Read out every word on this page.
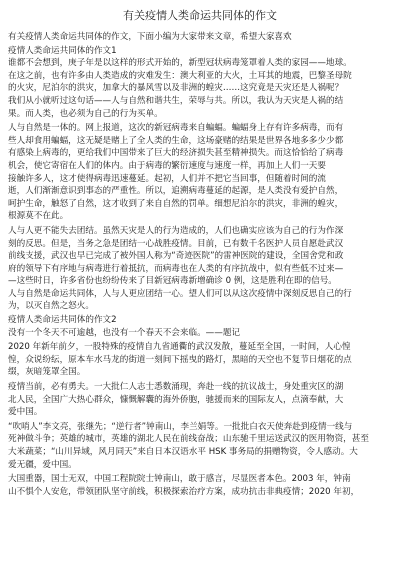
有关疫情人类命运共同体的作文
有关疫情人类命运共同体的作文，下面小编为大家带来文章，希望大家喜欢
疫情人类命运共同体的作文1
谁都不会想到，庚子年是以这样的形式开始的，新型冠状病毒笼罩着人类的家园——地球。
在这之前，也有许多由人类造成的灾难发生：澳大利亚的大火，土耳其的地震，巴黎圣母院
的火灾，尼泊尔的洪灾，加拿大的暴风雪以及非洲的蝗灾……这究竟是天灾还是人祸呢？
我们从小就听过这句话——人与自然和谐共生，荣辱与共。所以，我认为天灾是人祸的结
果。而人类，也必须为自己的行为买单。
人与自然是一体的。网上报道，这次的新冠病毒来自蝙蝠。蝙蝠身上存有许多病毒，而有
些人却食用蝙蝠，这无疑是赌上了全人类的生命，这场豪赌的结果是世界各地多多少少都
有感染上病毒的，更给我们中国带来了巨大的经济损失甚至精神损失。而这恰恰给了病毒
机会，使它寄宿在人们的体内。由于病毒的繁衍速度与速度一样，再加上人们一天要
接触许多人，这才使得病毒迅速蔓延。起初，人们并不把它当回事，但随着时间的流
逝，人们渐渐意识到事态的严重性。所以，追溯病毒蔓延的起源，是人类没有爱护自然，
呵护生命，触怒了自然，这才收到了来自自然的罚单。细想尼泊尔的洪灾，非洲的蝗灾，
根源莫不在此。
人与人更不能失去团结。虽然天灾是人的行为造成的，人们也确实应该为自己的行为作深
刻的反思。但是，当务之急是团结一心战胜疫情。目前，已有数千名医护人员自愿赴武汉
前线支援，武汉也早已完成了被外国人称为“奇迹医院”的雷神医院的建设，全国舍党和政
府的领导下有序地与病毒进行着抵抗，而病毒也在人类的有序抗战中，似有些低不过来—
—这些时日，许多省份也纷纷传来了目新冠病毒新增确诊 0 例，这是胜利在即的信号。
人与自然是命运共同体，人与人更应团结一心。望人们可以从这次疫情中深刻反思自己的行
为，以灭自然之怒火。
疫情人类命运共同体的作文2
没有一个冬天不可逾越，也没有一个春天不会来临。——题记
2020 年新年前夕，一股特殊的疫情自九省通衢的武汉发散，蔓延至全国，一时间，人心惶
惶，众说纷纭，原本车水马龙的街道一刻间下摇曳的路灯，黑暗的天空也不复节日烟花的点
缀，灰暗笼罩全国。
疫情当前，必有勇夫。一大批仁人志士悉数涌现，奔赴一线的抗议战士，身处重灾区的湖
北人民，全国广大热心群众，慷慨解囊的海外侨胞，驰援而来的国际友人，点滴奉献，大
爱中国。
“吹哨人”李文亮，张继先；“逆行者”钟南山，李兰娟等。一批批白衣天使奔赴到疫情一线与
死神做斗争；英雄的城市，英雄的湖北人民在前线奋战；山东驰千里运送武汉的医用物资，甚至
大米蔬菜；“山川异域，风月同天”来自日本汉语水平 HSK 事务局的捐赠物资，令人感动。大
爱无疆，爱中国。
大国重器，国士无双，中国工程院院士钟南山，敢于感言，尽显医者本色。2003 年，钟南
山不惧个人安危，带领团队坚守前线，积极探索治疗方案，成功抗击非典疫情；2020 年初，
